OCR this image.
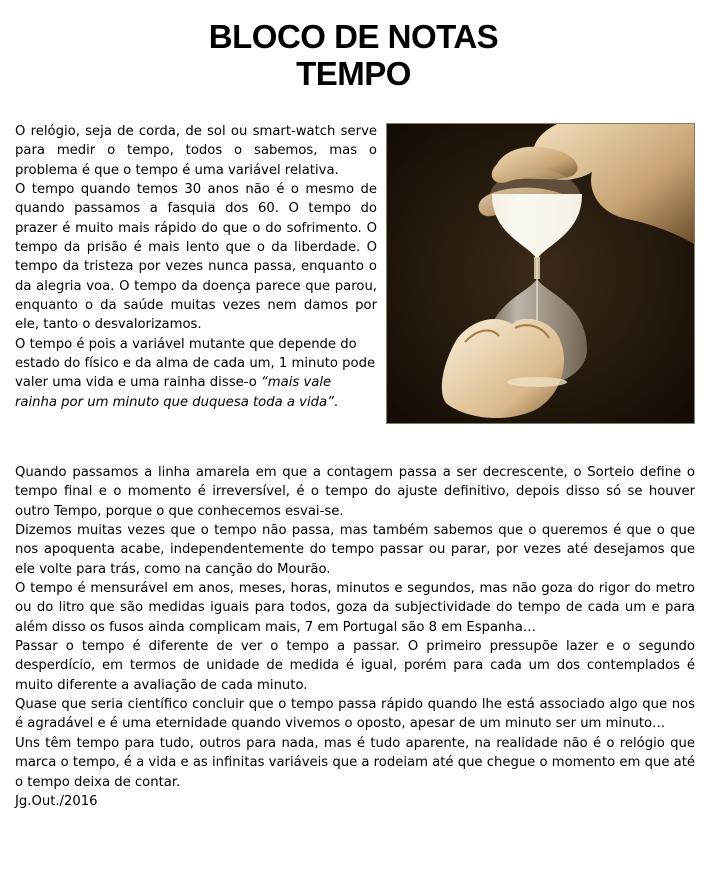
BLOCO DE NOTAS
TEMPO

O relógio, seja de corda, de sol ou smart-watch serve para medir o tempo, todos o sabemos, mas o problema é que o tempo é uma variável relativa.

O tempo quando temos 30 anos não é o mesmo de quando passamos a fasquia dos 60. O tempo do prazer é muito mais rápido do que o do sofrimento. O tempo da prisão é mais lento que o da liberdade. O tempo da tristeza por vezes nunca passa, enquanto o da alegria voa. O tempo da doença parece que parou, enquanto o da saúde muitas vezes nem damos por ele, tanto o desvalorizamos.

O tempo é pois a variável mutante que depende do estado do físico e da alma de cada um, 1 minuto pode valer uma vida e uma rainha disse-o “mais vale rainha por um minuto que duquesa toda a vida”.

Quando passamos a linha amarela em que a contagem passa a ser decrescente, o Sorteio define o tempo final e o momento é irreversível, é o tempo do ajuste definitivo, depois disso só se houver outro Tempo, porque o que conhecemos esvai-se.

Dizemos muitas vezes que o tempo não passa, mas também sabemos que o queremos é que o que nos apoquenta acabe, independentemente do tempo passar ou parar, por vezes até desejamos que ele volte para trás, como na canção do Mourão.

O tempo é mensurável em anos, meses, horas, minutos e segundos, mas não goza do rigor do metro ou do litro que são medidas iguais para todos, goza da subjectividade do tempo de cada um e para além disso os fusos ainda complicam mais, 7 em Portugal são 8 em Espanha…

Passar o tempo é diferente de ver o tempo a passar. O primeiro pressupõe lazer e o segundo desperdício, em termos de unidade de medida é igual, porém para cada um dos contemplados é muito diferente a avaliação de cada minuto.

Quase que seria científico concluir que o tempo passa rápido quando lhe está associado algo que nos é agradável e é uma eternidade quando vivemos o oposto, apesar de um minuto ser um minuto…

Uns têm tempo para tudo, outros para nada, mas é tudo aparente, na realidade não é o relógio que marca o tempo, é a vida e as infinitas variáveis que a rodeiam até que chegue o momento em que até o tempo deixa de contar.

Jg.Out./2016
